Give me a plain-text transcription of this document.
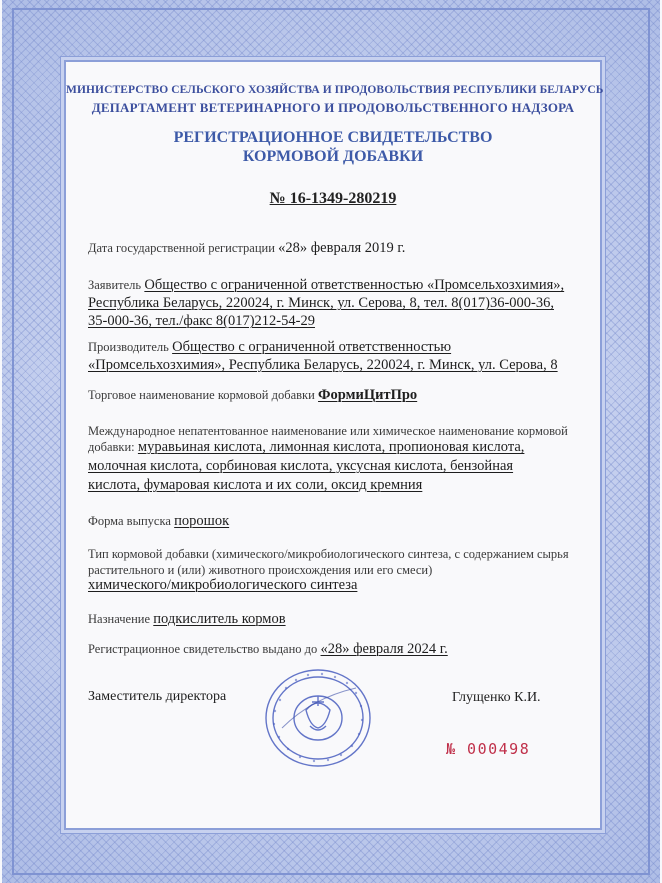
МИНИСТЕРСТВО СЕЛЬСКОГО ХОЗЯЙСТВА И ПРОДОВОЛЬСТВИЯ РЕСПУБЛИКИ БЕЛАРУСЬ
ДЕПАРТАМЕНТ ВЕТЕРИНАРНОГО И ПРОДОВОЛЬСТВЕННОГО НАДЗОРА
РЕГИСТРАЦИОННОЕ СВИДЕТЕЛЬСТВО
КОРМОВОЙ ДОБАВКИ
№ 16-1349-280219
Дата государственной регистрации «28» февраля 2019 г.
Заявитель Общество с ограниченной ответственностью «Промсельхозхимия»,
Республика Беларусь, 220024, г. Минск, ул. Серова, 8, тел. 8(017)36-000-36,
35-000-36, тел./факс 8(017)212-54-29
Производитель Общество с ограниченной ответственностью
«Промсельхозхимия», Республика Беларусь, 220024, г. Минск, ул. Серова, 8
Торговое наименование кормовой добавки ФормиЦитПро
Международное непатентованное наименование или химическое наименование кормовой
добавки: муравьиная кислота, лимонная кислота, пропионовая кислота,
молочная кислота, сорбиновая кислота, уксусная кислота, бензойная
кислота, фумаровая кислота и их соли, оксид кремния
Форма выпуска порошок
Тип кормовой добавки (химического/микробиологического синтеза, с содержанием сырья
растительного и (или) животного происхождения или его смеси)
химического/микробиологического синтеза
Назначение подкислитель кормов
Регистрационное свидетельство выдано до «28» февраля 2024 г.
Заместитель директора	Глущенко К.И.
№ 000498
